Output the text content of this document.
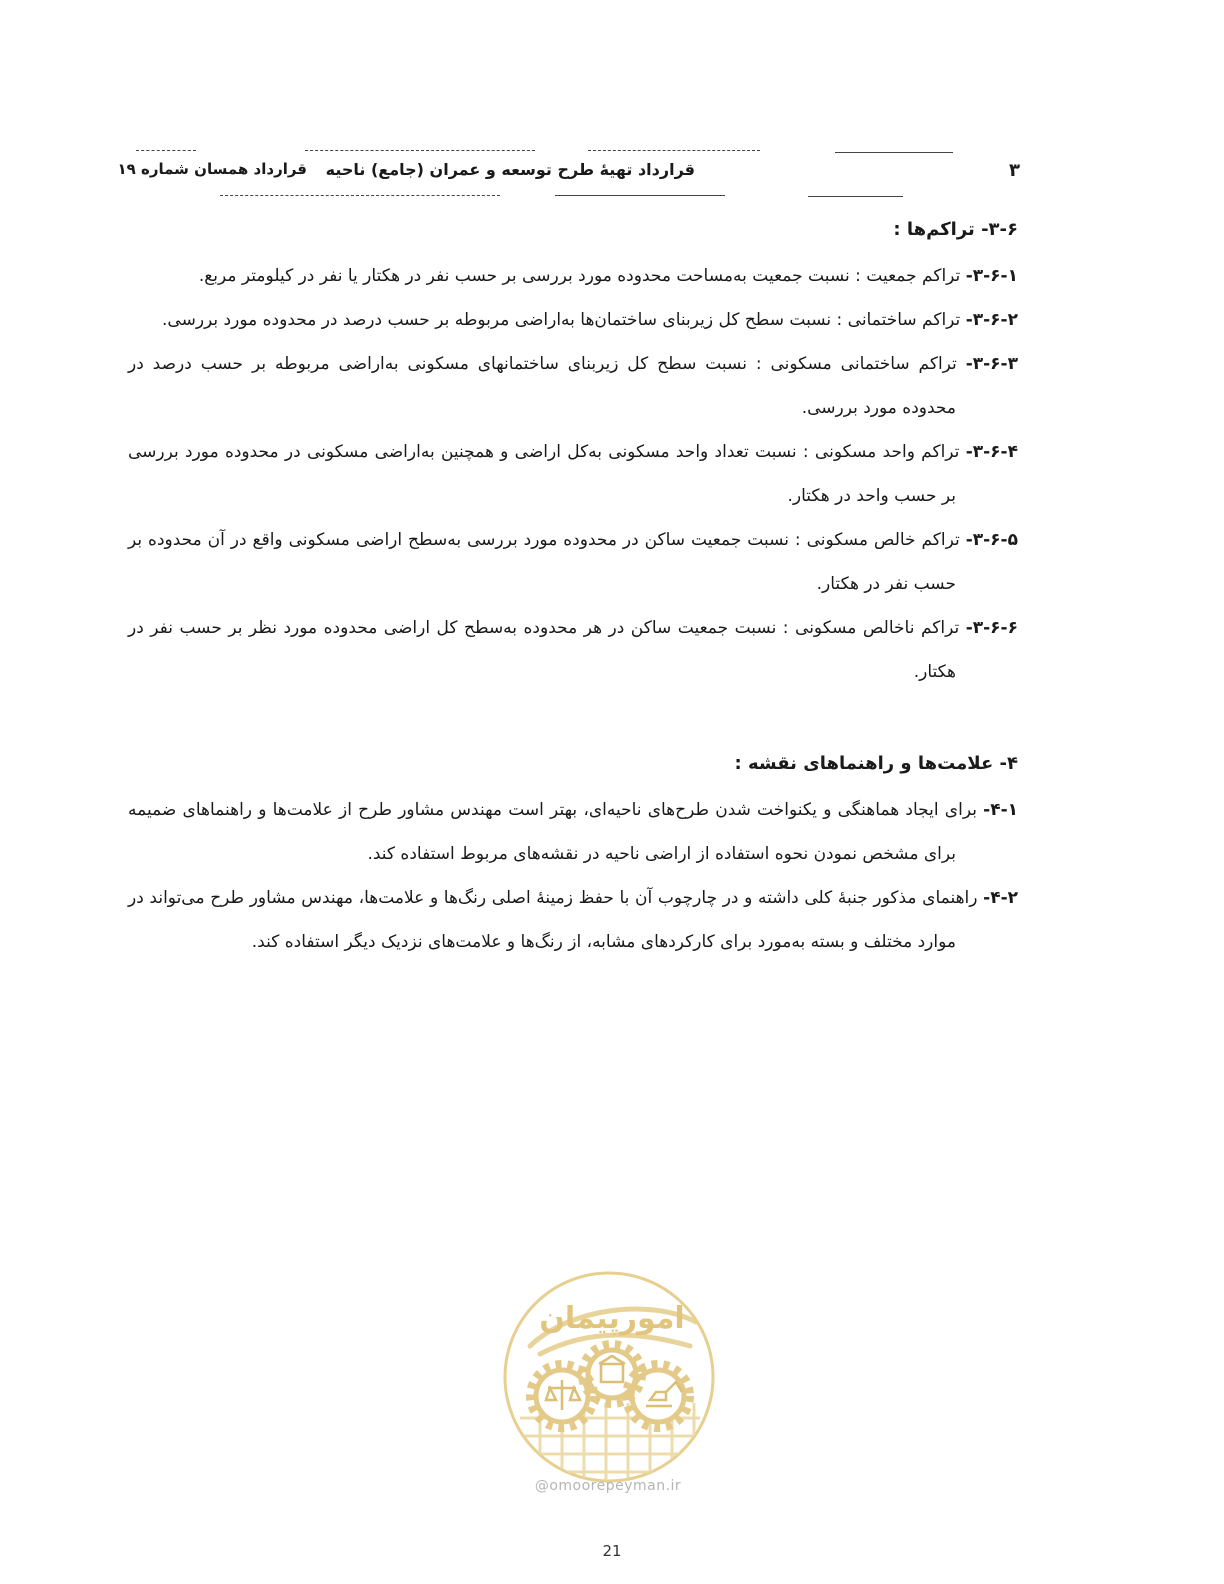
قرارداد همسان شماره ۱۹	قرارداد تهیهٔ طرح توسعه و عمران (جامع) ناحیه	۳
۳-۶- تراکم‌ها :

۳-۶-۱- تراکم جمعیت : نسبت جمعیت به‌مساحت محدوده مورد بررسی بر حسب نفر در هکتار یا نفر در کیلومتر مربع.

۳-۶-۲- تراکم ساختمانی : نسبت سطح کل زیربنای ساختمان‌ها به‌اراضی مربوطه بر حسب درصد در محدوده مورد بررسی.

۳-۶-۳- تراکم ساختمانی مسکونی : نسبت سطح کل زیربنای ساختمانهای مسکونی به‌اراضی مربوطه بر حسب درصد در محدوده مورد بررسی.

۳-۶-۴- تراکم واحد مسکونی : نسبت تعداد واحد مسکونی به‌کل اراضی و همچنین به‌اراضی مسکونی در محدوده مورد بررسی بر حسب واحد در هکتار.

۳-۶-۵- تراکم خالص مسکونی : نسبت جمعیت ساکن در محدوده مورد بررسی به‌سطح اراضی مسکونی واقع در آن محدوده بر حسب نفر در هکتار.

۳-۶-۶- تراکم ناخالص مسکونی : نسبت جمعیت ساکن در هر محدوده به‌سطح کل اراضی محدوده مورد نظر بر حسب نفر در هکتار.

۴- علامت‌ها و راهنماهای نقشه :

۴-۱- برای ایجاد هماهنگی و یکنواخت شدن طرح‌های ناحیه‌ای، بهتر است مهندس مشاور طرح از علامت‌ها و راهنماهای ضمیمه برای مشخص نمودن نحوه استفاده از اراضی ناحیه در نقشه‌های مربوط استفاده کند.

۴-۲- راهنمای مذکور جنبهٔ کلی داشته و در چارچوب آن با حفظ زمینهٔ اصلی رنگ‌ها و علامت‌ها، مهندس مشاور طرح می‌تواند در موارد مختلف و بسته به‌مورد برای کارکردهای مشابه، از رنگ‌ها و علامت‌های نزدیک دیگر استفاده کند.

امورپیمان
@omoorepeyman.ir
21
